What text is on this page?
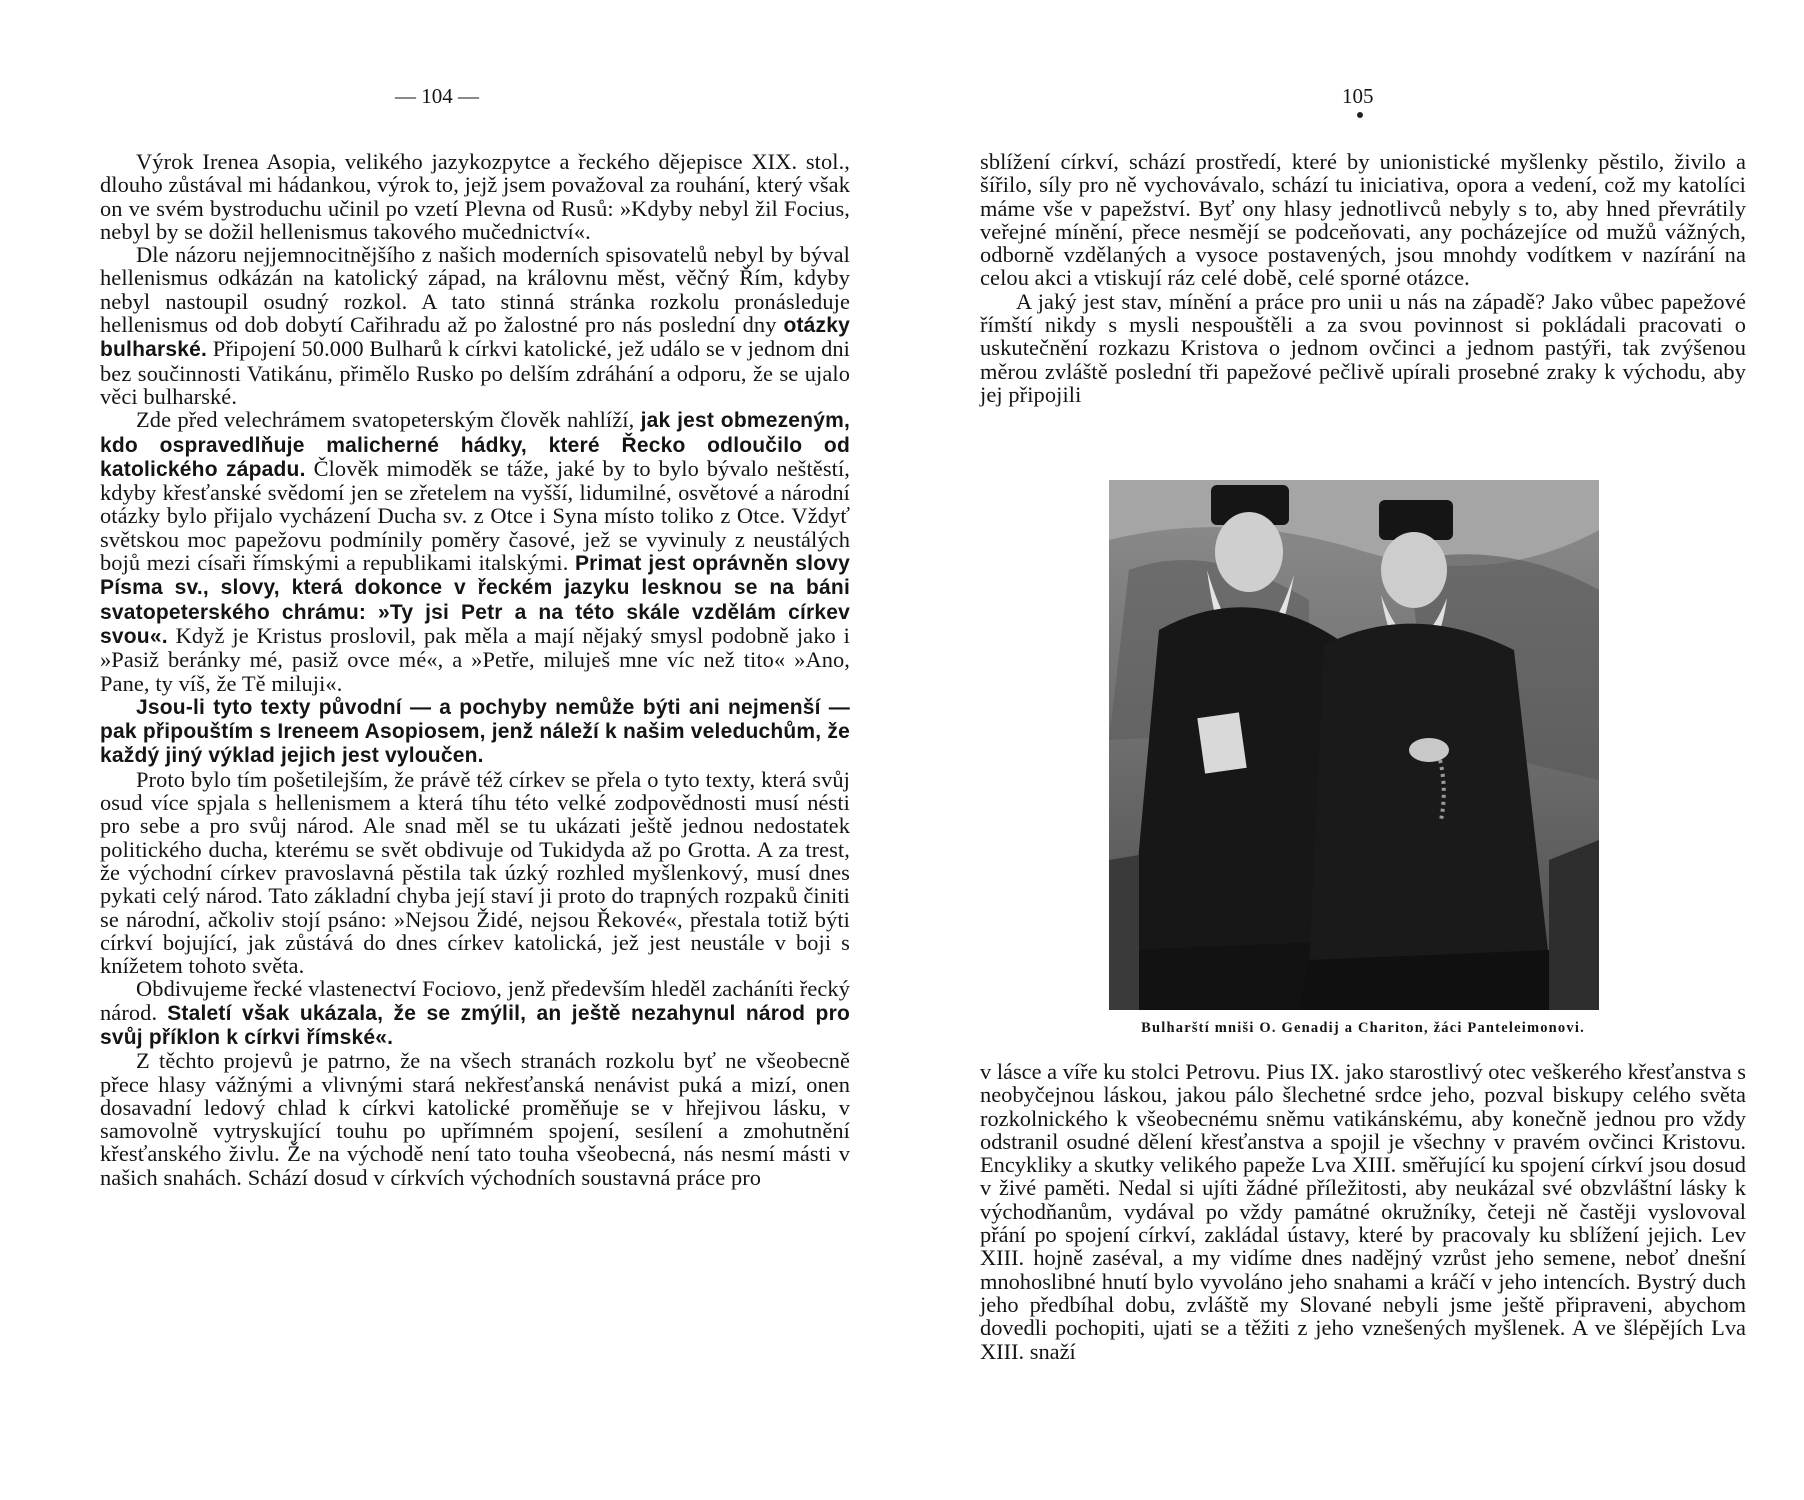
— 104 —

Výrok Irenea Asopia, velikého jazykozpytce a řeckého dějepisce XIX. stol., dlouho zůstával mi hádankou, výrok to, jejž jsem považoval za rouhání, který však on ve svém bystroduchu učinil po vzetí Plevna od Rusů: »Kdyby nebyl žil Focius, nebyl by se dožil hellenismus takového mučednictví«.

Dle názoru nejjemnocitnějšího z našich moderních spisovatelů nebyl by býval hellenismus odkázán na katolický západ, na královnu měst, věčný Řím, kdyby nebyl nastoupil osudný rozkol. A tato stinná stránka rozkolu pronásleduje hellenismus od dob dobytí Cařihradu až po žalostné pro nás poslední dny otázky bulharské. Připojení 50.000 Bulharů k církvi katolické, jež událo se v jednom dni bez součinnosti Vatikánu, přimělo Rusko po delším zdráhání a odporu, že se ujalo věci bulharské.

Zde před velechrámem svatopeterským člověk nahlíží, jak jest obmezeným, kdo ospravedlňuje malicherné hádky, které Řecko odloučilo od katolického západu. Člověk mimoděk se táže, jaké by to bylo bývalo neštěstí, kdyby křesťanské svědomí jen se zřetelem na vyšší, lidumilné, osvětové a národní otázky bylo přijalo vycházení Ducha sv. z Otce i Syna místo toliko z Otce. Vždyť světskou moc papežovu podmínily poměry časové, jež se vyvinuly z neustálých bojů mezi císaři římskými a republikami italskými. Primat jest oprávněn slovy Písma sv., slovy, která dokonce v řeckém jazyku lesknou se na báni svatopeterského chrámu: »Ty jsi Petr a na této skále vzdělám církev svou«. Když je Kristus proslovil, pak měla a mají nějaký smysl podobně jako i »Pasiž beránky mé, pasiž ovce mé«, a »Petře, miluješ mne víc než tito« »Ano, Pane, ty víš, že Tě miluji«.

Jsou-li tyto texty původní — a pochyby nemůže býti ani nejmenší — pak připouštím s Ireneem Asopiosem, jenž náleží k našim veleduchům, že každý jiný výklad jejich jest vyloučen.

Proto bylo tím pošetilejším, že právě též církev se přela o tyto texty, která svůj osud více spjala s hellenismem a která tíhu této velké zodpovědnosti musí nésti pro sebe a pro svůj národ. Ale snad měl se tu ukázati ještě jednou nedostatek politického ducha, kterému se svět obdivuje od Tukidyda až po Grotta. A za trest, že východní církev pravoslavná pěstila tak úzký rozhled myšlenkový, musí dnes pykati celý národ. Tato základní chyba její staví ji proto do trapných rozpaků činiti se národní, ačkoliv stojí psáno: »Nejsou Židé, nejsou Řekové«, přestala totiž býti církví bojující, jak zůstává do dnes církev katolická, jež jest neustále v boji s knížetem tohoto světa.

Obdivujeme řecké vlastenectví Fociovo, jenž především hleděl zacháníti řecký národ. Staletí však ukázala, že se zmýlil, an ještě nezahynul národ pro svůj příklon k církvi římské«.

Z těchto projevů je patrno, že na všech stranách rozkolu byť ne všeobecně přece hlasy vážnými a vlivnými stará nekřesťanská nenávist puká a mizí, onen dosavadní ledový chlad k církvi katolické proměňuje se v hřejivou lásku, v samovolně vytryskující touhu po upřímném spojení, sesílení a zmohutnění křesťanského živlu. Že na východě není tato touha všeobecná, nás nesmí másti v našich snahách. Schází dosud v církvích východních soustavná práce pro

105

sblížení církví, schází prostředí, které by unionistické myšlenky pěstilo, živilo a šířilo, síly pro ně vychovávalo, schází tu iniciativa, opora a vedení, což my katolíci máme vše v papežství. Byť ony hlasy jednotlivců nebyly s to, aby hned převrátily veřejné mínění, přece nesmějí se podceňovati, any pocházejíce od mužů vážných, odborně vzdělaných a vysoce postavených, jsou mnohdy vodítkem v nazírání na celou akci a vtiskují ráz celé době, celé sporné otázce.

A jaký jest stav, mínění a práce pro unii u nás na západě? Jako vůbec papežové římští nikdy s mysli nespouštěli a za svou povinnost si pokládali pracovati o uskutečnění rozkazu Kristova o jednom ovčinci a jednom pastýři, tak zvýšenou měrou zvláště poslední tři papežové pečlivě upírali prosebné zraky k východu, aby jej připojili

Bulharští mniši O. Genadij a Chariton, žáci Panteleimonovi.

v lásce a víře ku stolci Petrovu. Pius IX. jako starostlivý otec veškerého křesťanstva s neobyčejnou láskou, jakou pálo šlechetné srdce jeho, pozval biskupy celého světa rozkolnického k všeobecnému sněmu vatikánskému, aby konečně jednou pro vždy odstranil osudné dělení křesťanstva a spojil je všechny v pravém ovčinci Kristovu. Encykliky a skutky velikého papeže Lva XIII. směřující ku spojení církví jsou dosud v živé paměti. Nedal si ujíti žádné příležitosti, aby neukázal své obzvláštní lásky k východňanům, vydával po vždy památné okružníky, četeji ně častěji vyslovoval přání po spojení církví, zakládal ústavy, které by pracovaly ku sblížení jejich. Lev XIII. hojně zaséval, a my vidíme dnes nadějný vzrůst jeho semene, neboť dnešní mnohoslibné hnutí bylo vyvoláno jeho snahami a kráčí v jeho intencích. Bystrý duch jeho předbíhal dobu, zvláště my Slované nebyli jsme ještě připraveni, abychom dovedli pochopiti, ujati se a těžiti z jeho vznešených myšlenek. A ve šlépějích Lva XIII. snaží
